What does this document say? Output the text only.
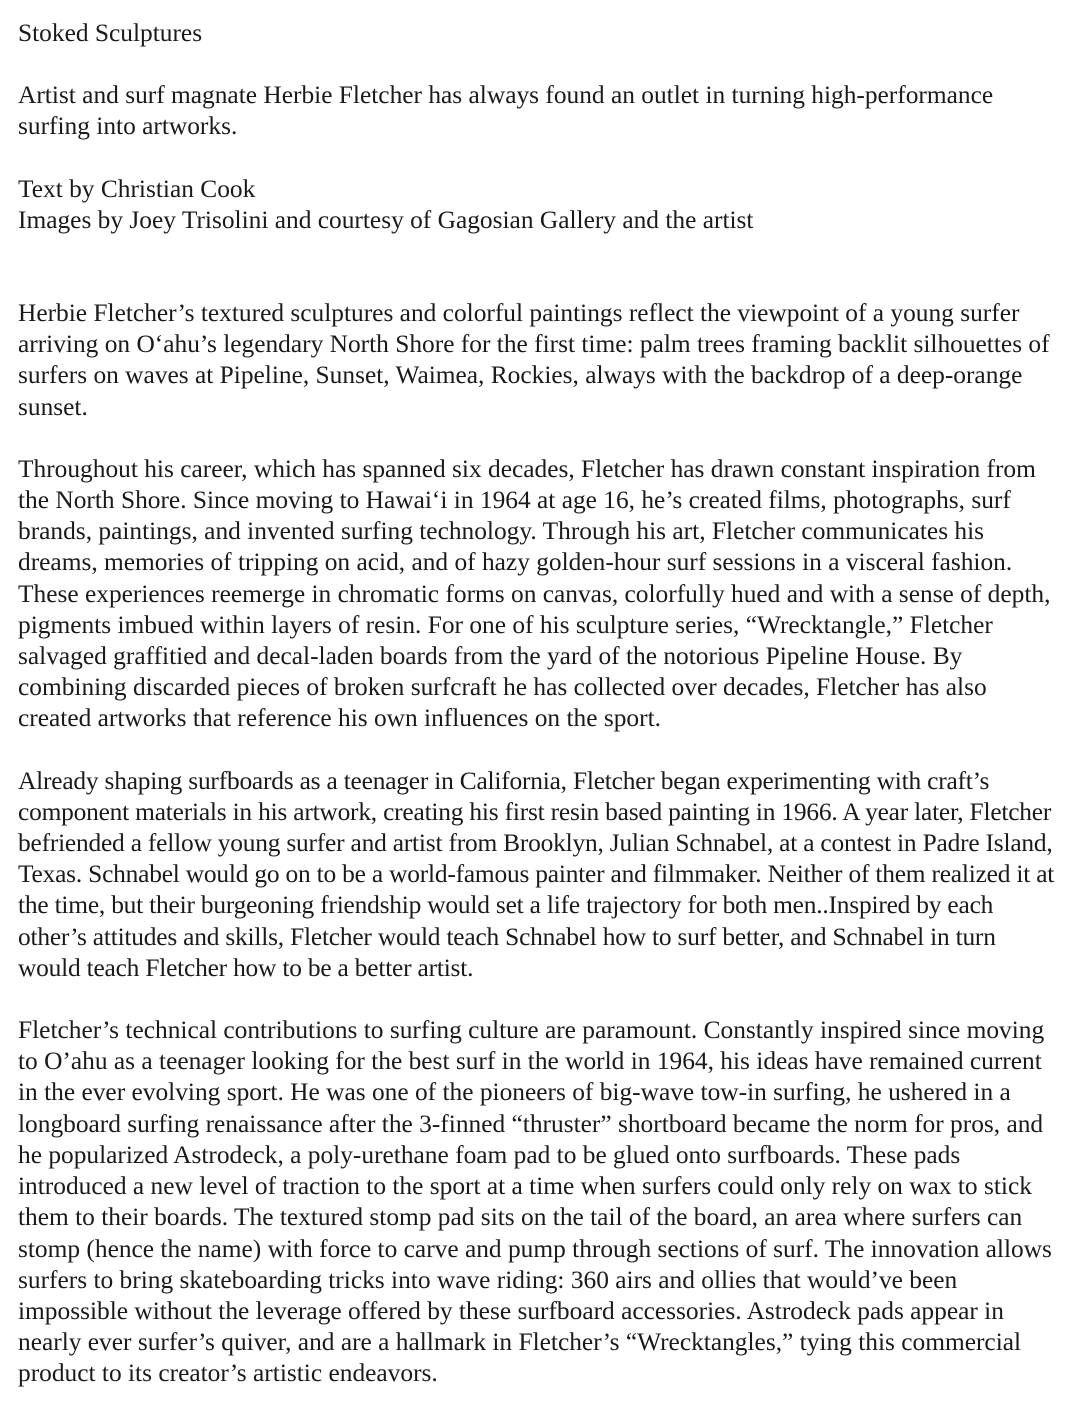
Stoked Sculptures

Artist and surf magnate Herbie Fletcher has always found an outlet in turning high-performance surfing into artworks.

Text by Christian Cook

Images by Joey Trisolini and courtesy of Gagosian Gallery and the artist

Herbie Fletcher’s textured sculptures and colorful paintings reflect the viewpoint of a young surfer arriving on O‘ahu’s legendary North Shore for the first time: palm trees framing backlit silhouettes of surfers on waves at Pipeline, Sunset, Waimea, Rockies, always with the backdrop of a deep-orange sunset.

Throughout his career, which has spanned six decades, Fletcher has drawn constant inspiration from the North Shore. Since moving to Hawai‘i in 1964 at age 16, he’s created films, photographs, surf brands, paintings, and invented surfing technology. Through his art, Fletcher communicates his dreams, memories of tripping on acid, and of hazy golden-hour surf sessions in a visceral fashion. These experiences reemerge in chromatic forms on canvas, colorfully hued and with a sense of depth, pigments imbued within layers of resin. For one of his sculpture series, “Wrecktangle,” Fletcher salvaged graffitied and decal-laden boards from the yard of the notorious Pipeline House. By combining discarded pieces of broken surfcraft he has collected over decades, Fletcher has also created artworks that reference his own influences on the sport.

Already shaping surfboards as a teenager in California, Fletcher began experimenting with craft’s component materials in his artwork, creating his first resin based painting in 1966. A year later, Fletcher befriended a fellow young surfer and artist from Brooklyn, Julian Schnabel, at a contest in Padre Island, Texas. Schnabel would go on to be a world-famous painter and filmmaker. Neither of them realized it at the time, but their burgeoning friendship would set a life trajectory for both men..Inspired by each other’s attitudes and skills, Fletcher would teach Schnabel how to surf better, and Schnabel in turn would teach Fletcher how to be a better artist.

Fletcher’s technical contributions to surfing culture are paramount. Constantly inspired since moving to O’ahu as a teenager looking for the best surf in the world in 1964, his ideas have remained current in the ever evolving sport. He was one of the pioneers of big-wave tow-in surfing, he ushered in a longboard surfing renaissance after the 3-finned “thruster” shortboard became the norm for pros, and he popularized Astrodeck, a poly-urethane foam pad to be glued onto surfboards. These pads introduced a new level of traction to the sport at a time when surfers could only rely on wax to stick them to their boards. The textured stomp pad sits on the tail of the board, an area where surfers can stomp (hence the name) with force to carve and pump through sections of surf. The innovation allows surfers to bring skateboarding tricks into wave riding: 360 airs and ollies that would’ve been impossible without the leverage offered by these surfboard accessories. Astrodeck pads appear in nearly ever surfer’s quiver, and are a hallmark in Fletcher’s “Wrecktangles,” tying this commercial product to its creator’s artistic endeavors.
